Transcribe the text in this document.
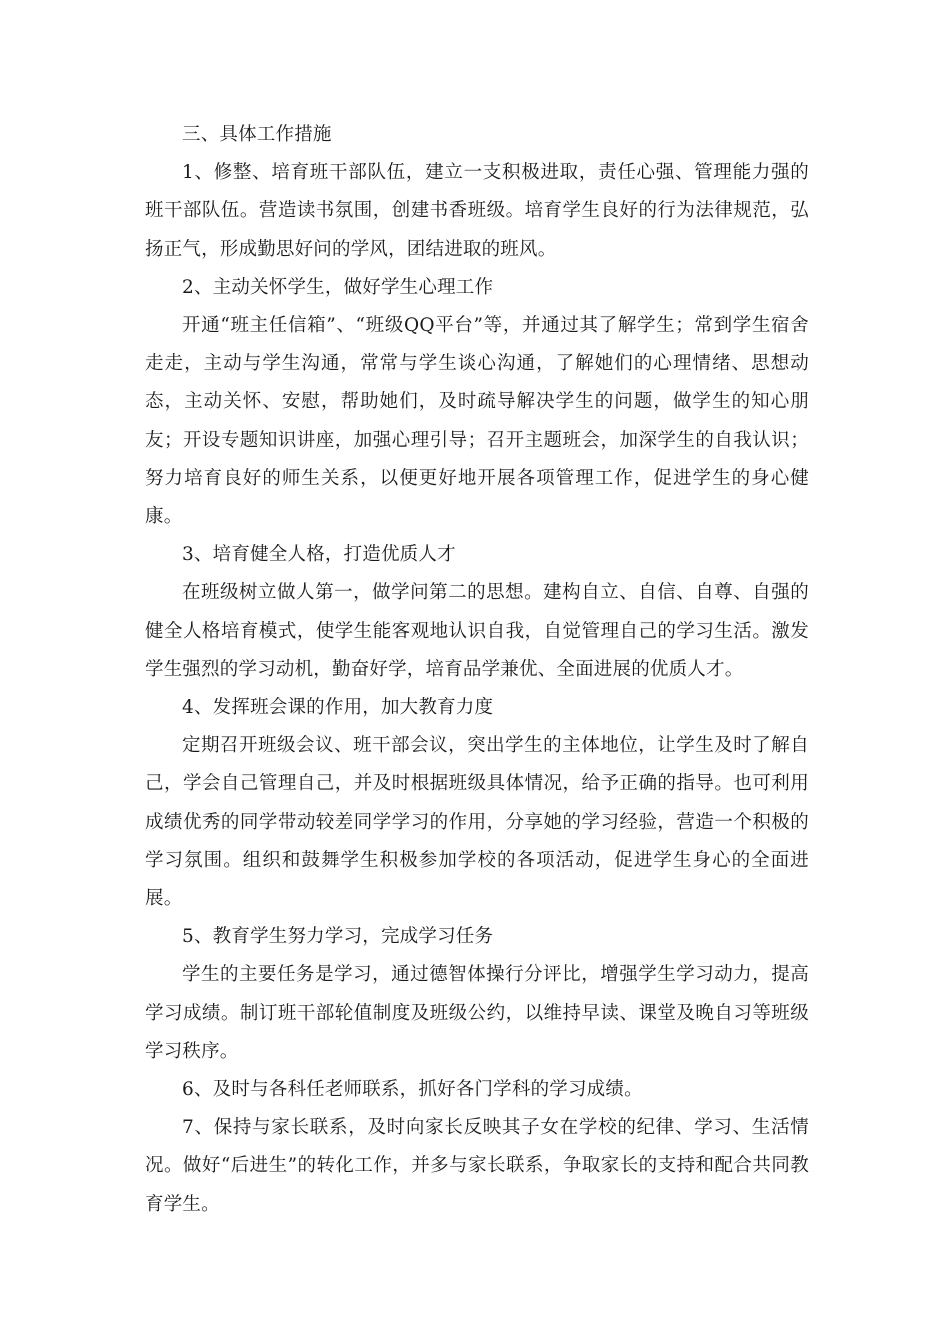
三、具体工作措施

1、修整、培育班干部队伍，建立一支积极进取，责任心强、管理能力强的班干部队伍。营造读书氛围，创建书香班级。培育学生良好的行为法律规范，弘扬正气，形成勤思好问的学风，团结进取的班风。

2、主动关怀学生，做好学生心理工作

开通“班主任信箱”、“班级QQ平台”等，并通过其了解学生；常到学生宿舍走走，主动与学生沟通，常常与学生谈心沟通，了解她们的心理情绪、思想动态，主动关怀、安慰，帮助她们，及时疏导解决学生的问题，做学生的知心朋友；开设专题知识讲座，加强心理引导；召开主题班会，加深学生的自我认识；努力培育良好的师生关系，以便更好地开展各项管理工作，促进学生的身心健康。

3、培育健全人格，打造优质人才

在班级树立做人第一，做学问第二的思想。建构自立、自信、自尊、自强的健全人格培育模式，使学生能客观地认识自我，自觉管理自己的学习生活。激发学生强烈的学习动机，勤奋好学，培育品学兼优、全面进展的优质人才。

4、发挥班会课的作用，加大教育力度

定期召开班级会议、班干部会议，突出学生的主体地位，让学生及时了解自己，学会自己管理自己，并及时根据班级具体情况，给予正确的指导。也可利用成绩优秀的同学带动较差同学学习的作用，分享她的学习经验，营造一个积极的学习氛围。组织和鼓舞学生积极参加学校的各项活动，促进学生身心的全面进展。

5、教育学生努力学习，完成学习任务

学生的主要任务是学习，通过德智体操行分评比，增强学生学习动力，提高学习成绩。制订班干部轮值制度及班级公约，以维持早读、课堂及晚自习等班级学习秩序。

6、及时与各科任老师联系，抓好各门学科的学习成绩。

7、保持与家长联系，及时向家长反映其子女在学校的纪律、学习、生活情况。做好“后进生”的转化工作，并多与家长联系，争取家长的支持和配合共同教育学生。
